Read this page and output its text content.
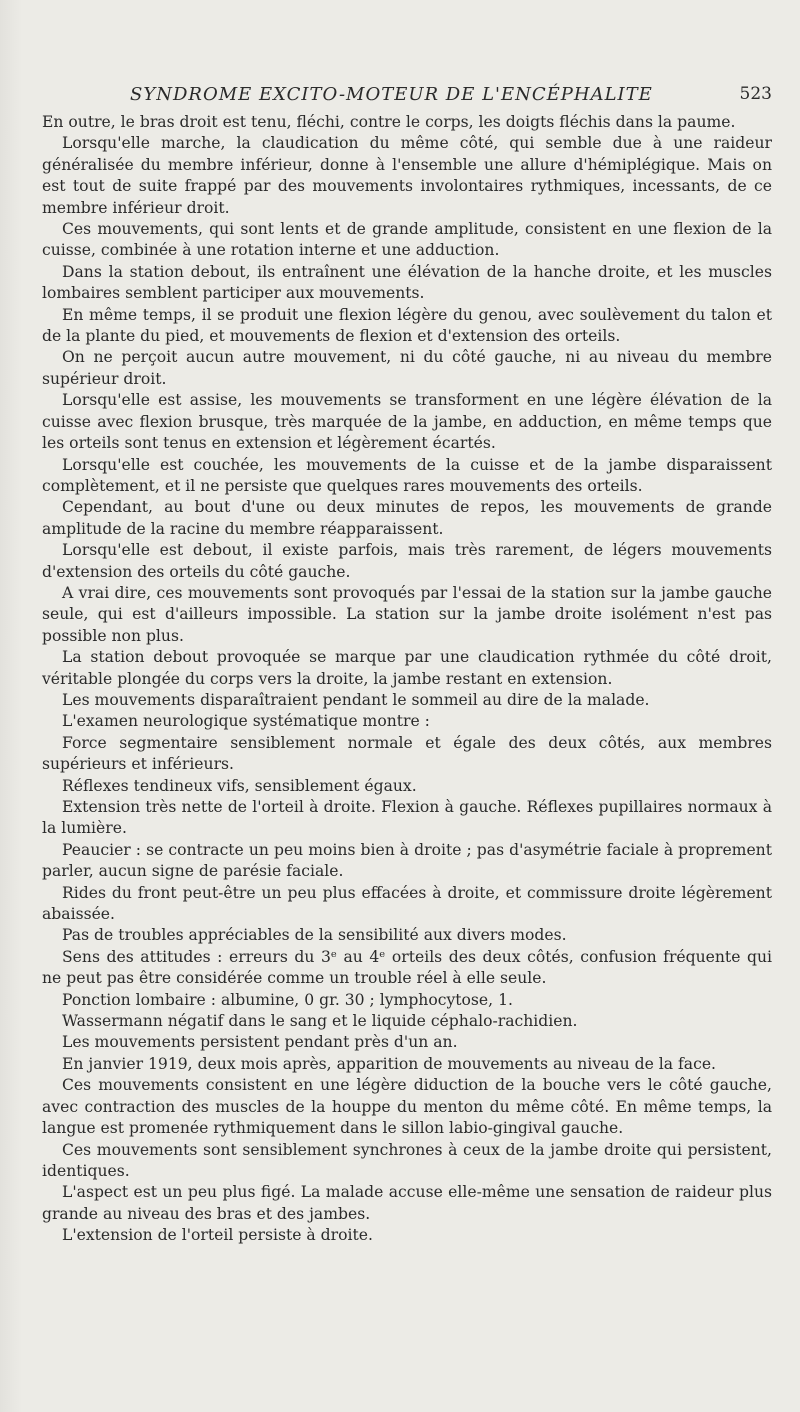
SYNDROME EXCITO-MOTEUR DE L'ENCÉPHALITE	523

En outre, le bras droit est tenu, fléchi, contre le corps, les doigts fléchis dans la paume.

Lorsqu'elle marche, la claudication du même côté, qui semble due à une raideur généralisée du membre inférieur, donne à l'ensemble une allure d'hémiplégique. Mais on est tout de suite frappé par des mouvements involontaires rythmiques, incessants, de ce membre inférieur droit.

Ces mouvements, qui sont lents et de grande amplitude, consistent en une flexion de la cuisse, combinée à une rotation interne et une adduction.

Dans la station debout, ils entraînent une élévation de la hanche droite, et les muscles lombaires semblent participer aux mouvements.

En même temps, il se produit une flexion légère du genou, avec soulèvement du talon et de la plante du pied, et mouvements de flexion et d'extension des orteils.

On ne perçoit aucun autre mouvement, ni du côté gauche, ni au niveau du membre supérieur droit.

Lorsqu'elle est assise, les mouvements se transforment en une légère élévation de la cuisse avec flexion brusque, très marquée de la jambe, en adduction, en même temps que les orteils sont tenus en extension et légèrement écartés.

Lorsqu'elle est couchée, les mouvements de la cuisse et de la jambe disparaissent complètement, et il ne persiste que quelques rares mouvements des orteils.

Cependant, au bout d'une ou deux minutes de repos, les mouvements de grande amplitude de la racine du membre réapparaissent.

Lorsqu'elle est debout, il existe parfois, mais très rarement, de légers mouvements d'extension des orteils du côté gauche.

A vrai dire, ces mouvements sont provoqués par l'essai de la station sur la jambe gauche seule, qui est d'ailleurs impossible. La station sur la jambe droite isolément n'est pas possible non plus.

La station debout provoquée se marque par une claudication rythmée du côté droit, véritable plongée du corps vers la droite, la jambe restant en extension.

Les mouvements disparaîtraient pendant le sommeil au dire de la malade.

L'examen neurologique systématique montre :

Force segmentaire sensiblement normale et égale des deux côtés, aux membres supérieurs et inférieurs.

Réflexes tendineux vifs, sensiblement égaux.

Extension très nette de l'orteil à droite. Flexion à gauche. Réflexes pupillaires normaux à la lumière.

Peaucier : se contracte un peu moins bien à droite ; pas d'asymétrie faciale à proprement parler, aucun signe de parésie faciale.

Rides du front peut-être un peu plus effacées à droite, et commissure droite légèrement abaissée.

Pas de troubles appréciables de la sensibilité aux divers modes.

Sens des attitudes : erreurs du 3ᵉ au 4ᵉ orteils des deux côtés, confusion fréquente qui ne peut pas être considérée comme un trouble réel à elle seule.

Ponction lombaire : albumine, 0 gr. 30 ; lymphocytose, 1.

Wassermann négatif dans le sang et le liquide céphalo-rachidien.

Les mouvements persistent pendant près d'un an.

En janvier 1919, deux mois après, apparition de mouvements au niveau de la face.

Ces mouvements consistent en une légère diduction de la bouche vers le côté gauche, avec contraction des muscles de la houppe du menton du même côté. En même temps, la langue est promenée rythmiquement dans le sillon labio-gingival gauche.

Ces mouvements sont sensiblement synchrones à ceux de la jambe droite qui persistent, identiques.

L'aspect est un peu plus figé. La malade accuse elle-même une sensation de raideur plus grande au niveau des bras et des jambes.

L'extension de l'orteil persiste à droite.
